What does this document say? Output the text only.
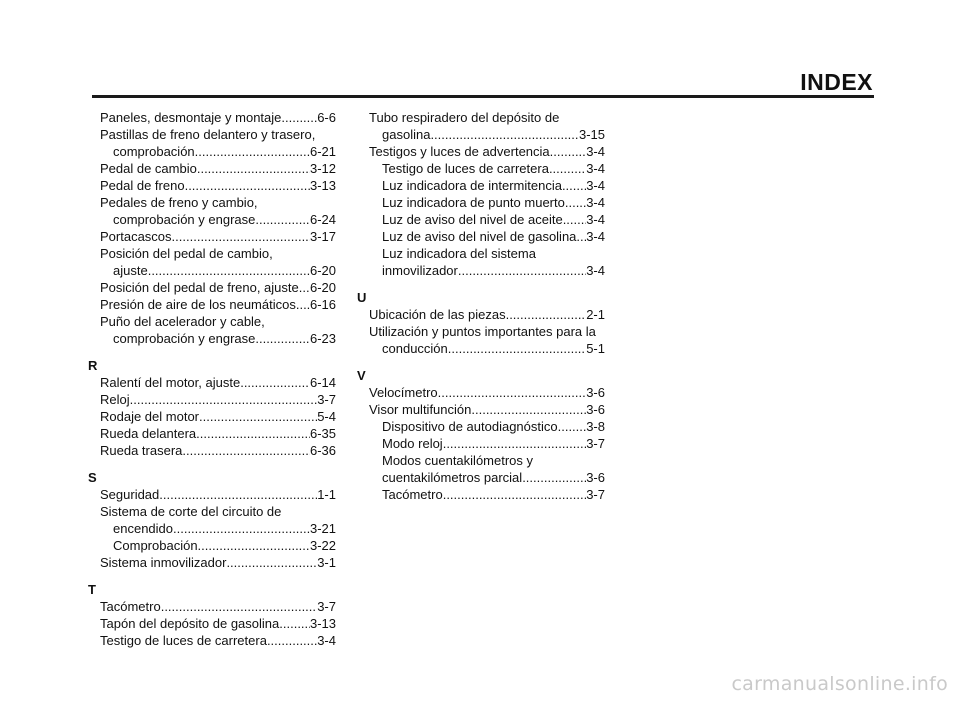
INDEX
Paneles, desmontaje y montaje .....	6-6
Pastillas de freno delantero y trasero,
comprobación .....	6-21
Pedal de cambio .....	3-12
Pedal de freno .....	3-13
Pedales de freno y cambio,
comprobación y engrase .....	6-24
Portacascos .....	3-17
Posición del pedal de cambio,
ajuste .....	6-20
Posición del pedal de freno, ajuste ..... 6-20
Presión de aire de los neumáticos ..... 6-16
Puño del acelerador y cable,
comprobación y engrase .....	6-23
R
Ralentí del motor, ajuste .....	6-14
Reloj .....	3-7
Rodaje del motor .....	5-4
Rueda delantera .....	6-35
Rueda trasera .....	6-36
S
Seguridad .....	1-1
Sistema de corte del circuito de
encendido .....	3-21
Comprobación .....	3-22
Sistema inmovilizador .....	3-1
T
Tacómetro .....	3-7
Tapón del depósito de gasolina ..... 3-13
Testigo de luces de carretera .....	3-4
Tubo respiradero del depósito de
gasolina .....	3-15
Testigos y luces de advertencia .....	3-4
Testigo de luces de carretera .....	3-4
Luz indicadora de intermitencia ..... 3-4
Luz indicadora de punto muerto ..... 3-4
Luz de aviso del nivel de aceite ..... 3-4
Luz de aviso del nivel de gasolina ..... 3-4
Luz indicadora del sistema
inmovilizador .....	3-4
U
Ubicación de las piezas .....	2-1
Utilización y puntos importantes para la
conducción .....	5-1
V
Velocímetro .....	3-6
Visor multifunción .....	3-6
Dispositivo de autodiagnóstico ..... 3-8
Modo reloj .....	3-7
Modos cuentakilómetros y
cuentakilómetros parcial .....	3-6
Tacómetro .....	3-7
carmanualsonline.info
